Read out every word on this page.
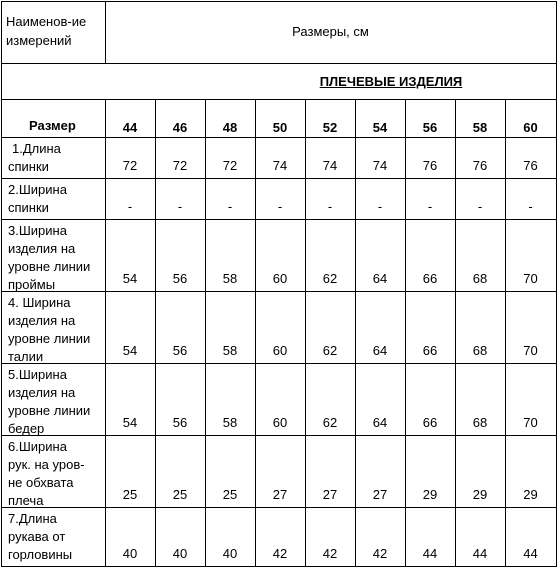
Наименов-ие
измерений
Размеры, см
ПЛЕЧЕВЫЕ ИЗДЕЛИЯ
Размер	44	46	48	50	52	54	56	58	60
1.Длина
спинки	72	72	72	74	74	74	76	76	76
2.Ширина
спинки	-	-	-	-	-	-	-	-	-
3.Ширина
изделия на
уровне линии
проймы	54	56	58	60	62	64	66	68	70
4. Ширина
изделия на
уровне линии
талии	54	56	58	60	62	64	66	68	70
5.Ширина
изделия на
уровне линии
бедер	54	56	58	60	62	64	66	68	70
6.Ширина
рук. на уров-
не обхвата
плеча	25	25	25	27	27	27	29	29	29
7.Длина
рукава от
горловины	40	40	40	42	42	42	44	44	44
